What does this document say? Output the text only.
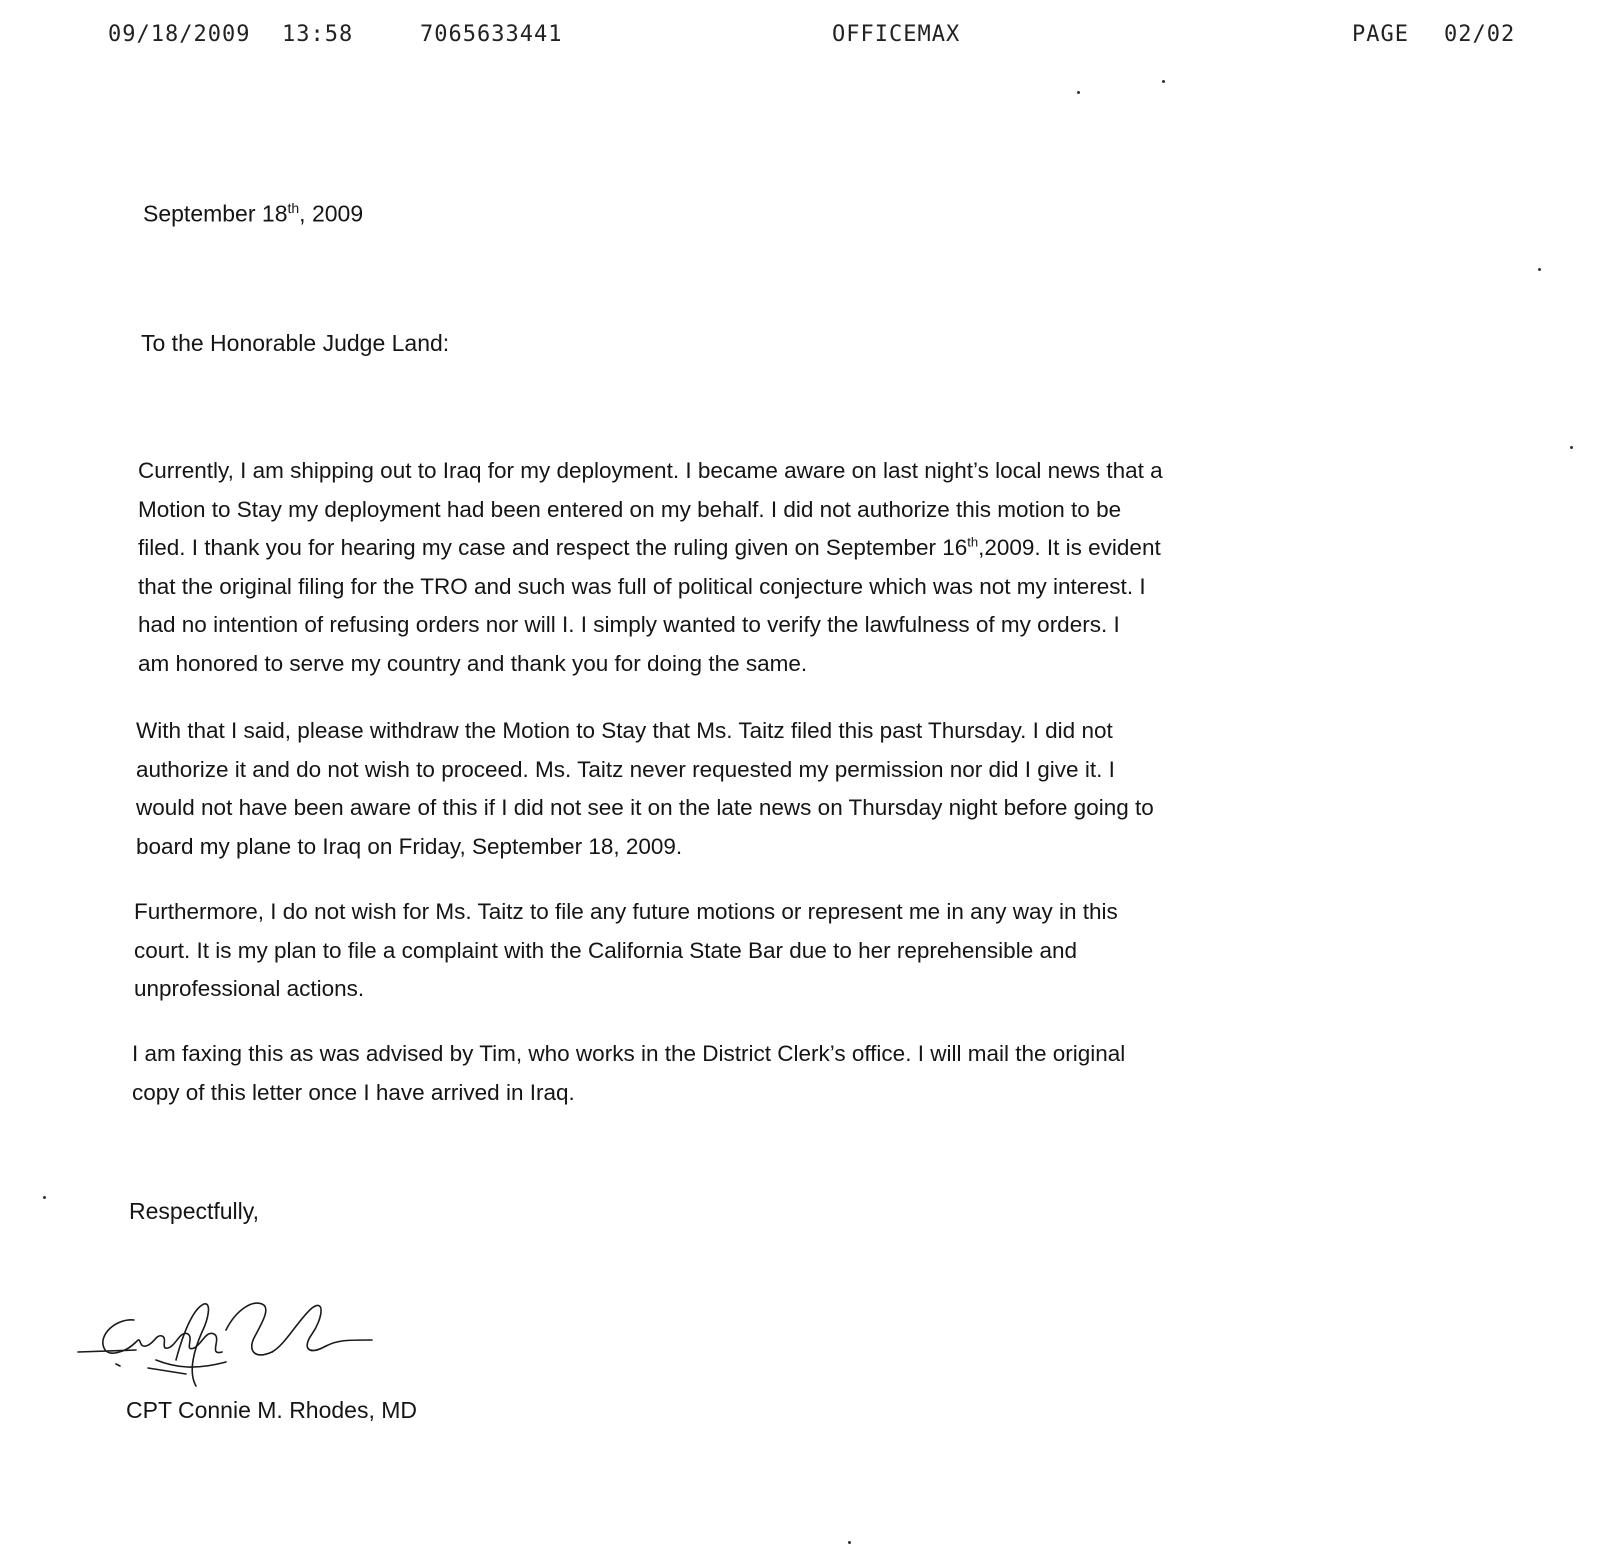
09/18/2009 13:58	7065633441	OFFICEMAX	PAGE 02/02
September 18th, 2009
To the Honorable Judge Land:
Currently, I am shipping out to Iraq for my deployment. I became aware on last night’s local news that a
Motion to Stay my deployment had been entered on my behalf. I did not authorize this motion to be
filed. I thank you for hearing my case and respect the ruling given on September 16th,2009. It is evident
that the original filing for the TRO and such was full of political conjecture which was not my interest. I
had no intention of refusing orders nor will I. I simply wanted to verify the lawfulness of my orders. I
am honored to serve my country and thank you for doing the same.
With that I said, please withdraw the Motion to Stay that Ms. Taitz filed this past Thursday. I did not
authorize it and do not wish to proceed. Ms. Taitz never requested my permission nor did I give it. I
would not have been aware of this if I did not see it on the late news on Thursday night before going to
board my plane to Iraq on Friday, September 18, 2009.
Furthermore, I do not wish for Ms. Taitz to file any future motions or represent me in any way in this
court. It is my plan to file a complaint with the California State Bar due to her reprehensible and
unprofessional actions.
I am faxing this as was advised by Tim, who works in the District Clerk’s office. I will mail the original
copy of this letter once I have arrived in Iraq.
Respectfully,
CPT Connie M. Rhodes, MD
